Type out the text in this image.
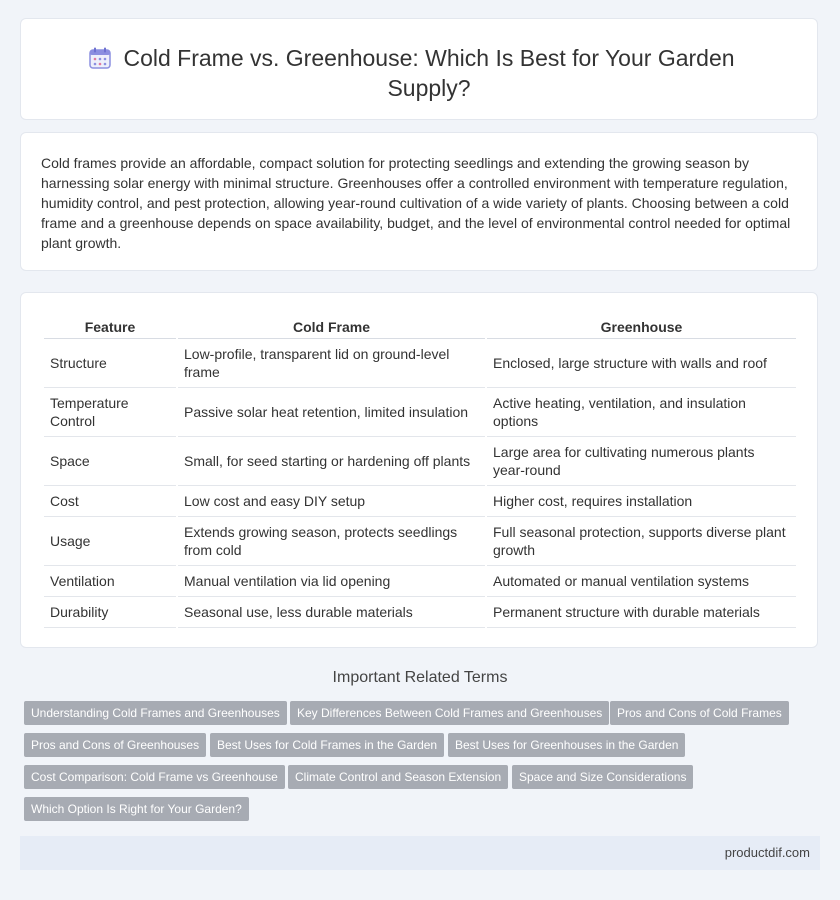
Cold Frame vs. Greenhouse: Which Is Best for Your Garden Supply?

Cold frames provide an affordable, compact solution for protecting seedlings and extending the growing season by harnessing solar energy with minimal structure. Greenhouses offer a controlled environment with temperature regulation, humidity control, and pest protection, allowing year-round cultivation of a wide variety of plants. Choosing between a cold frame and a greenhouse depends on space availability, budget, and the level of environmental control needed for optimal plant growth.

Feature	Cold Frame	Greenhouse
Structure	Low-profile, transparent lid on ground-level frame	Enclosed, large structure with walls and roof
Temperature Control	Passive solar heat retention, limited insulation	Active heating, ventilation, and insulation options
Space	Small, for seed starting or hardening off plants	Large area for cultivating numerous plants year-round
Cost	Low cost and easy DIY setup	Higher cost, requires installation
Usage	Extends growing season, protects seedlings from cold	Full seasonal protection, supports diverse plant growth
Ventilation	Manual ventilation via lid opening	Automated or manual ventilation systems
Durability	Seasonal use, less durable materials	Permanent structure with durable materials
Important Related Terms
Understanding Cold Frames and Greenhouses	Key Differences Between Cold Frames and Greenhouses	Pros and Cons of Cold Frames
Pros and Cons of Greenhouses	Best Uses for Cold Frames in the Garden	Best Uses for Greenhouses in the Garden
Cost Comparison: Cold Frame vs Greenhouse	Climate Control and Season Extension	Space and Size Considerations
Which Option Is Right for Your Garden?
productdif.com
